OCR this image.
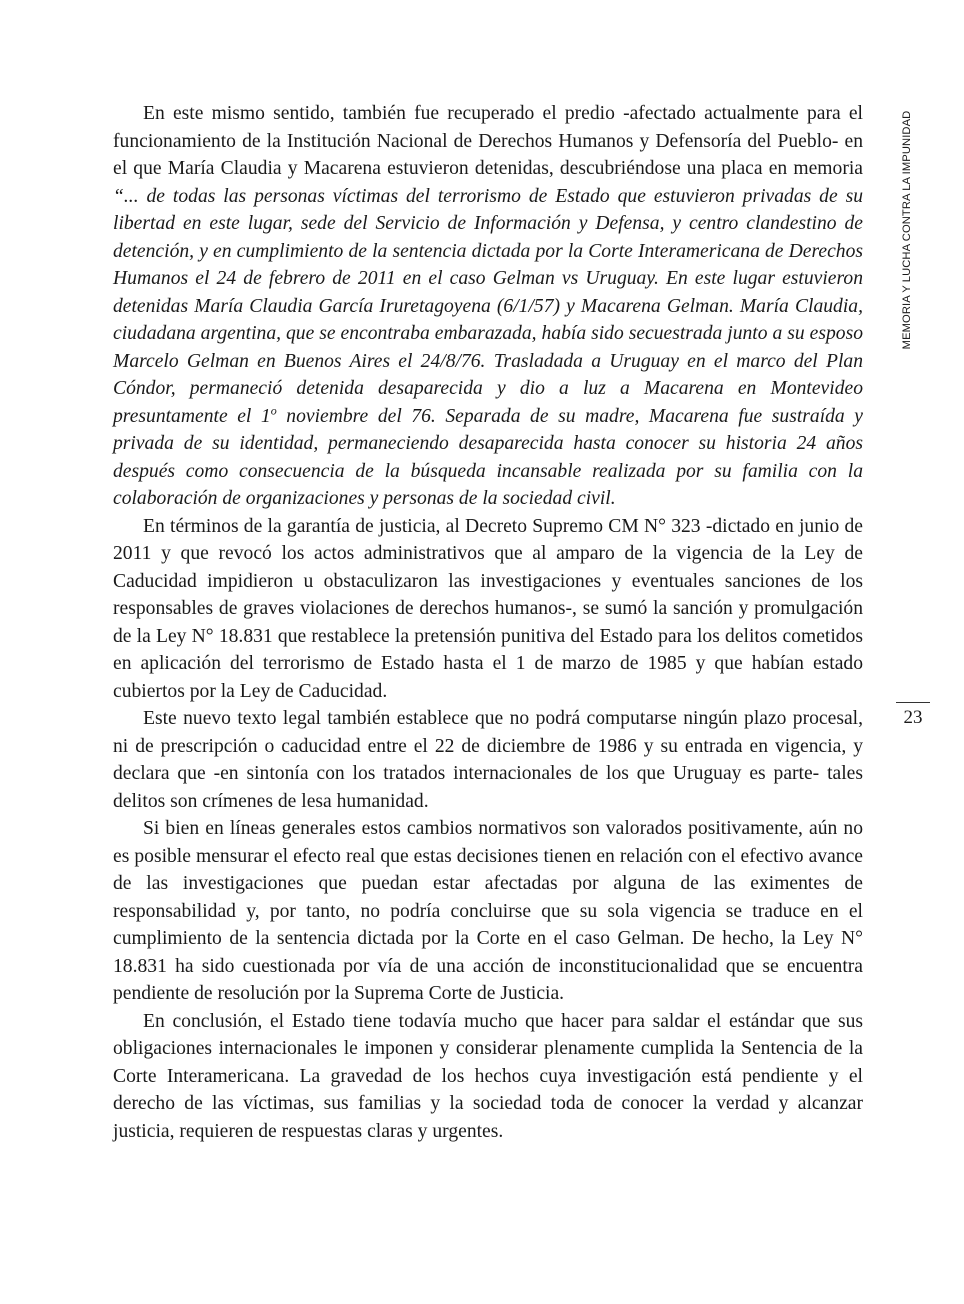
MEMORIA Y LUCHA CONTRA LA IMPUNIDAD
23

En este mismo sentido, también fue recuperado el predio -afectado actualmente para el funcionamiento de la Institución Nacional de Derechos Humanos y Defensoría del Pueblo- en el que María Claudia y Macarena estuvieron detenidas, descubriéndose una placa en memoria “... de todas las personas víctimas del terrorismo de Estado que estuvieron privadas de su libertad en este lugar, sede del Servicio de Información y Defensa, y centro clandestino de detención, y en cumplimiento de la sentencia dictada por la Corte Interamericana de Derechos Humanos el 24 de febrero de 2011 en el caso Gelman vs Uruguay. En este lugar estuvieron detenidas María Claudia García Iruretagoyena (6/1/57) y Macarena Gelman. María Claudia, ciudadana argentina, que se encontraba embarazada, había sido secuestrada junto a su esposo Marcelo Gelman en Buenos Aires el 24/8/76. Trasladada a Uruguay en el marco del Plan Cóndor, permaneció detenida desaparecida y dio a luz a Macarena en Montevideo presuntamente el 1$^o$ noviembre del 76. Separada de su madre, Macarena fue sustraída y privada de su identidad, permaneciendo desaparecida hasta conocer su historia 24 años después como consecuencia de la búsqueda incansable realizada por su familia con la colaboración de organizaciones y personas de la sociedad civil.

En términos de la garantía de justicia, al Decreto Supremo CM N° 323 -dictado en junio de 2011 y que revocó los actos administrativos que al amparo de la vigencia de la Ley de Caducidad impidieron u obstaculizaron las investigaciones y eventuales sanciones de los responsables de graves violaciones de derechos humanos-, se sumó la sanción y promulgación de la Ley N° 18.831 que restablece la pretensión punitiva del Estado para los delitos cometidos en aplicación del terrorismo de Estado hasta el 1 de marzo de 1985 y que habían estado cubiertos por la Ley de Caducidad.

Este nuevo texto legal también establece que no podrá computarse ningún plazo procesal, ni de prescripción o caducidad entre el 22 de diciembre de 1986 y su entrada en vigencia, y declara que -en sintonía con los tratados internacionales de los que Uruguay es parte- tales delitos son crímenes de lesa humanidad.

Si bien en líneas generales estos cambios normativos son valorados positivamente, aún no es posible mensurar el efecto real que estas decisiones tienen en relación con el efectivo avance de las investigaciones que puedan estar afectadas por alguna de las eximentes de responsabilidad y, por tanto, no podría concluirse que su sola vigencia se traduce en el cumplimiento de la sentencia dictada por la Corte en el caso Gelman. De hecho, la Ley N° 18.831 ha sido cuestionada por vía de una acción de inconstitucionalidad que se encuentra pendiente de resolución por la Suprema Corte de Justicia.

En conclusión, el Estado tiene todavía mucho que hacer para saldar el estándar que sus obligaciones internacionales le imponen y considerar plenamente cumplida la Sentencia de la Corte Interamericana. La gravedad de los hechos cuya investigación está pendiente y el derecho de las víctimas, sus familias y la sociedad toda de conocer la verdad y alcanzar justicia, requieren de respuestas claras y urgentes.
